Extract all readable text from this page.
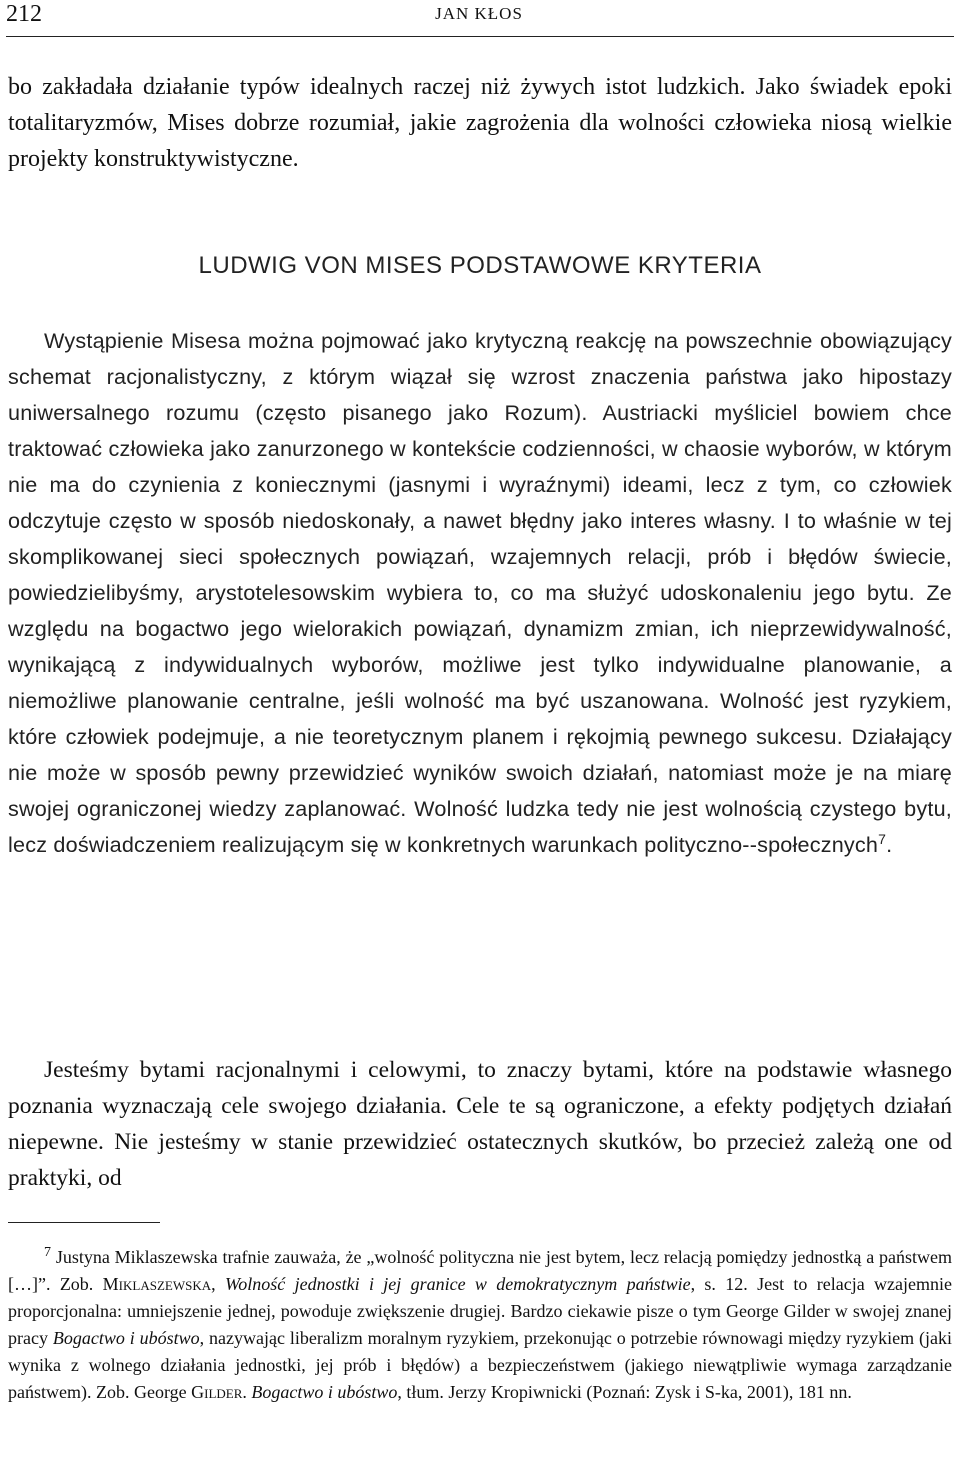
212	JAN KŁOS

bo zakładała działanie typów idealnych raczej niż żywych istot ludzkich. Jako świadek epoki totalitaryzmów, Mises dobrze rozumiał, jakie zagrożenia dla wolności człowieka niosą wielkie projekty konstruktywistyczne.

LUDWIG VON MISES PODSTAWOWE KRYTERIA

Wystąpienie Misesa można pojmować jako krytyczną reakcję na powszechnie obowiązujący schemat racjonalistyczny, z którym wiązał się wzrost znaczenia państwa jako hipostazy uniwersalnego rozumu (często pisanego jako Rozum). Austriacki myśliciel bowiem chce traktować człowieka jako zanurzonego w kontekście codzienności, w chaosie wyborów, w którym nie ma do czynienia z koniecznymi (jasnymi i wyraźnymi) ideami, lecz z tym, co człowiek odczytuje często w sposób niedoskonały, a nawet błędny jako interes własny. I to właśnie w tej skomplikowanej sieci społecznych powiązań, wzajemnych relacji, prób i błędów świecie, powiedzielibyśmy, arystotelesowskim wybiera to, co ma służyć udoskonaleniu jego bytu. Ze względu na bogactwo jego wielorakich powiązań, dynamizm zmian, ich nieprzewidywalność, wynikającą z indywidualnych wyborów, możliwe jest tylko indywidualne planowanie, a niemożliwe planowanie centralne, jeśli wolność ma być uszanowana. Wolność jest ryzykiem, które człowiek podejmuje, a nie teoretycznym planem i rękojmią pewnego sukcesu. Działający nie może w sposób pewny przewidzieć wyników swoich działań, natomiast może je na miarę swojej ograniczonej wiedzy zaplanować. Wolność ludzka tedy nie jest wolnością czystego bytu, lecz doświadczeniem realizującym się w konkretnych warunkach polityczno--społecznych$^7$.

Jesteśmy bytami racjonalnymi i celowymi, to znaczy bytami, które na podstawie własnego poznania wyznaczają cele swojego działania. Cele te są ograniczone, a efekty podjętych działań niepewne. Nie jesteśmy w stanie przewidzieć ostatecznych skutków, bo przecież zależą one od praktyki, od

$^7$ Justyna Miklaszewska trafnie zauważa, że „wolność polityczna nie jest bytem, lecz relacją pomiędzy jednostką a państwem […]”. Zob. Miklaszewska, Wolność jednostki i jej granice w demokratycznym państwie, s. 12. Jest to relacja wzajemnie proporcjonalna: umniejszenie jednej, powoduje zwiększenie drugiej. Bardzo ciekawie pisze o tym George Gilder w swojej znanej pracy Bogactwo i ubóstwo, nazywając liberalizm moralnym ryzykiem, przekonując o potrzebie równowagi między ryzykiem (jaki wynika z wolnego działania jednostki, jej prób i błędów) a bezpieczeństwem (jakiego niewątpliwie wymaga zarządzanie państwem). Zob. George Gilder. Bogactwo i ubóstwo, tłum. Jerzy Kropiwnicki (Poznań: Zysk i S-ka, 2001), 181 nn.
